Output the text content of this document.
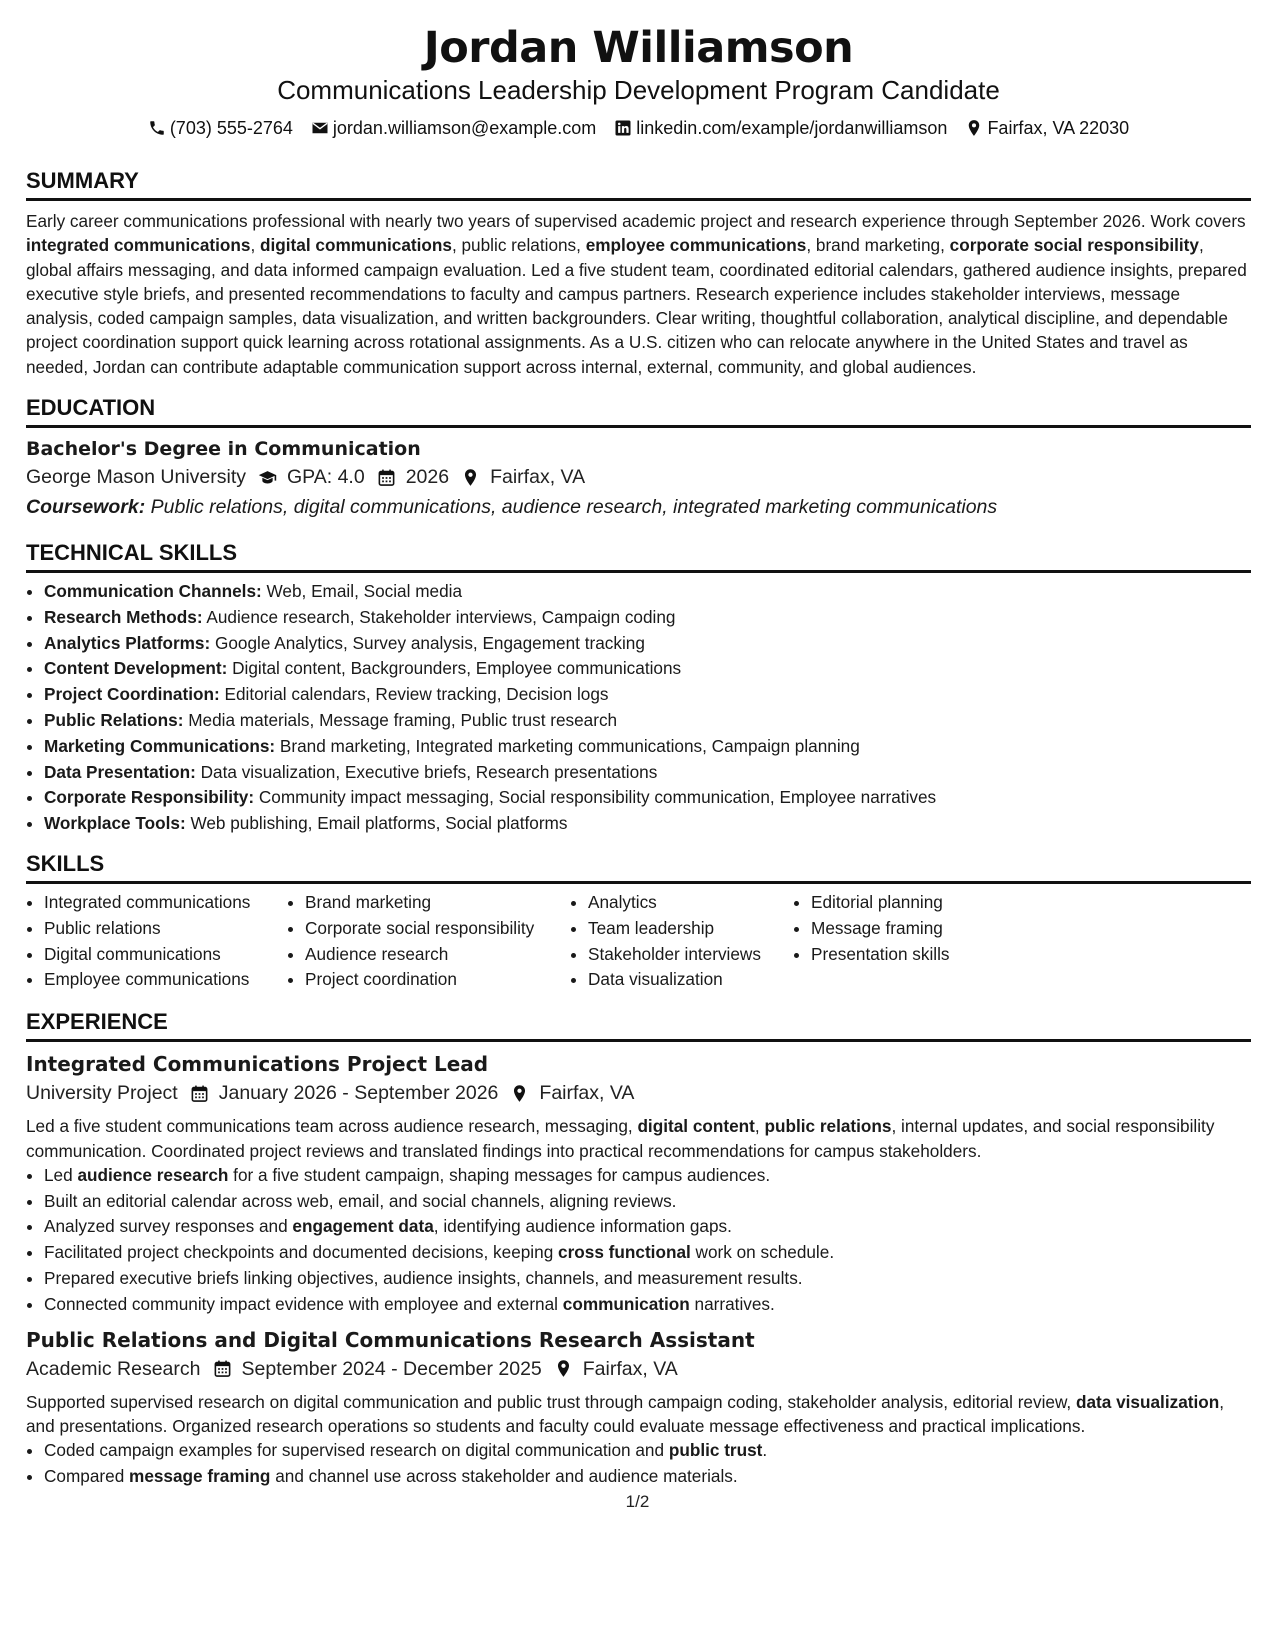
Jordan Williamson
Communications Leadership Development Program Candidate
(703) 555-2764 jordan.williamson@example.com linkedin.com/example/jordanwilliamson Fairfax, VA 22030
SUMMARY
Early career communications professional with nearly two years of supervised academic project and research experience through September 2026. Work covers integrated communications, digital communications, public relations, employee communications, brand marketing, corporate social responsibility, global affairs messaging, and data informed campaign evaluation. Led a five student team, coordinated editorial calendars, gathered audience insights, prepared executive style briefs, and presented recommendations to faculty and campus partners. Research experience includes stakeholder interviews, message analysis, coded campaign samples, data visualization, and written backgrounders. Clear writing, thoughtful collaboration, analytical discipline, and dependable project coordination support quick learning across rotational assignments. As a U.S. citizen who can relocate anywhere in the United States and travel as needed, Jordan can contribute adaptable communication support across internal, external, community, and global audiences.
EDUCATION
Bachelor's Degree in Communication
George Mason University GPA: 4.0 2026 Fairfax, VA
Coursework: Public relations, digital communications, audience research, integrated marketing communications
TECHNICAL SKILLS
• Communication Channels: Web, Email, Social media
• Research Methods: Audience research, Stakeholder interviews, Campaign coding
• Analytics Platforms: Google Analytics, Survey analysis, Engagement tracking
• Content Development: Digital content, Backgrounders, Employee communications
• Project Coordination: Editorial calendars, Review tracking, Decision logs
• Public Relations: Media materials, Message framing, Public trust research
• Marketing Communications: Brand marketing, Integrated marketing communications, Campaign planning
• Data Presentation: Data visualization, Executive briefs, Research presentations
• Corporate Responsibility: Community impact messaging, Social responsibility communication, Employee narratives
• Workplace Tools: Web publishing, Email platforms, Social platforms
SKILLS
• Integrated communications
• Public relations
• Digital communications
• Employee communications
• Brand marketing
• Corporate social responsibility
• Audience research
• Project coordination
• Analytics
• Team leadership
• Stakeholder interviews
• Data visualization
• Editorial planning
• Message framing
• Presentation skills
EXPERIENCE
Integrated Communications Project Lead
University Project January 2026 - September 2026 Fairfax, VA
Led a five student communications team across audience research, messaging, digital content, public relations, internal updates, and social responsibility communication. Coordinated project reviews and translated findings into practical recommendations for campus stakeholders.
• Led audience research for a five student campaign, shaping messages for campus audiences.
• Built an editorial calendar across web, email, and social channels, aligning reviews.
• Analyzed survey responses and engagement data, identifying audience information gaps.
• Facilitated project checkpoints and documented decisions, keeping cross functional work on schedule.
• Prepared executive briefs linking objectives, audience insights, channels, and measurement results.
• Connected community impact evidence with employee and external communication narratives.
Public Relations and Digital Communications Research Assistant
Academic Research September 2024 - December 2025 Fairfax, VA
Supported supervised research on digital communication and public trust through campaign coding, stakeholder analysis, editorial review, data visualization, and presentations. Organized research operations so students and faculty could evaluate message effectiveness and practical implications.
• Coded campaign examples for supervised research on digital communication and public trust.
• Compared message framing and channel use across stakeholder and audience materials.
1/2
